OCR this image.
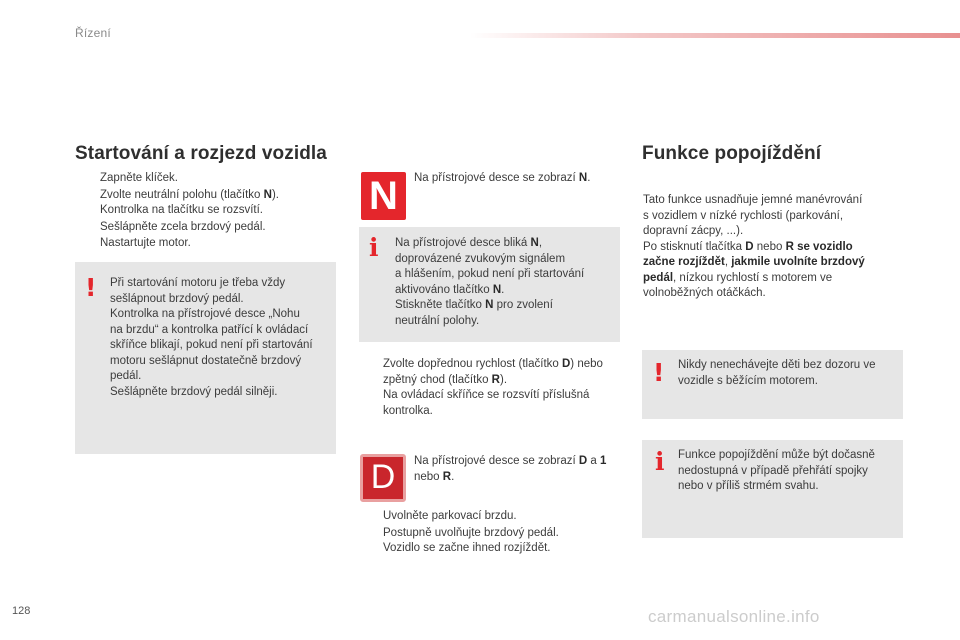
Řízení
Startování a rozjezd vozidla
Zapněte klíček.
Zvolte neutrální polohu (tlačítko N).
Kontrolka na tlačítku se rozsvítí.
Sešlápněte zcela brzdový pedál.
Nastartujte motor.
! Při startování motoru je třeba vždy
sešlápnout brzdový pedál.
Kontrolka na přístrojové desce „Nohu
na brzdu“ a kontrolka patřící k ovládací
skříňce blikají, pokud není při startování
motoru sešlápnut dostatečně brzdový
pedál.
Sešlápněte brzdový pedál silněji.
N	Na přístrojové desce se zobrazí N.
i Na přístrojové desce bliká N,
doprovázené zvukovým signálem
a hlášením, pokud není při startování
aktivováno tlačítko N.
Stiskněte tlačítko N pro zvolení
neutrální polohy.
Zvolte dopřednou rychlost (tlačítko D) nebo
zpětný chod (tlačítko R).
Na ovládací skříňce se rozsvítí příslušná
kontrolka.
D	Na přístrojové desce se zobrazí D a 1
nebo R.
Uvolněte parkovací brzdu.
Postupně uvolňujte brzdový pedál.
Vozidlo se začne ihned rozjíždět.
Funkce popojíždění
Tato funkce usnadňuje jemné manévrování
s vozidlem v nízké rychlosti (parkování,
dopravní zácpy, ...).
Po stisknutí tlačítka D nebo R se vozidlo
začne rozjíždět, jakmile uvolníte brzdový
pedál, nízkou rychlostí s motorem ve
volnoběžných otáčkách.
! Nikdy nenechávejte děti bez dozoru ve
vozidle s běžícím motorem.
i Funkce popojíždění může být dočasně
nedostupná v případě přehřátí spojky
nebo v příliš strmém svahu.
128	carmanualsonline.info
